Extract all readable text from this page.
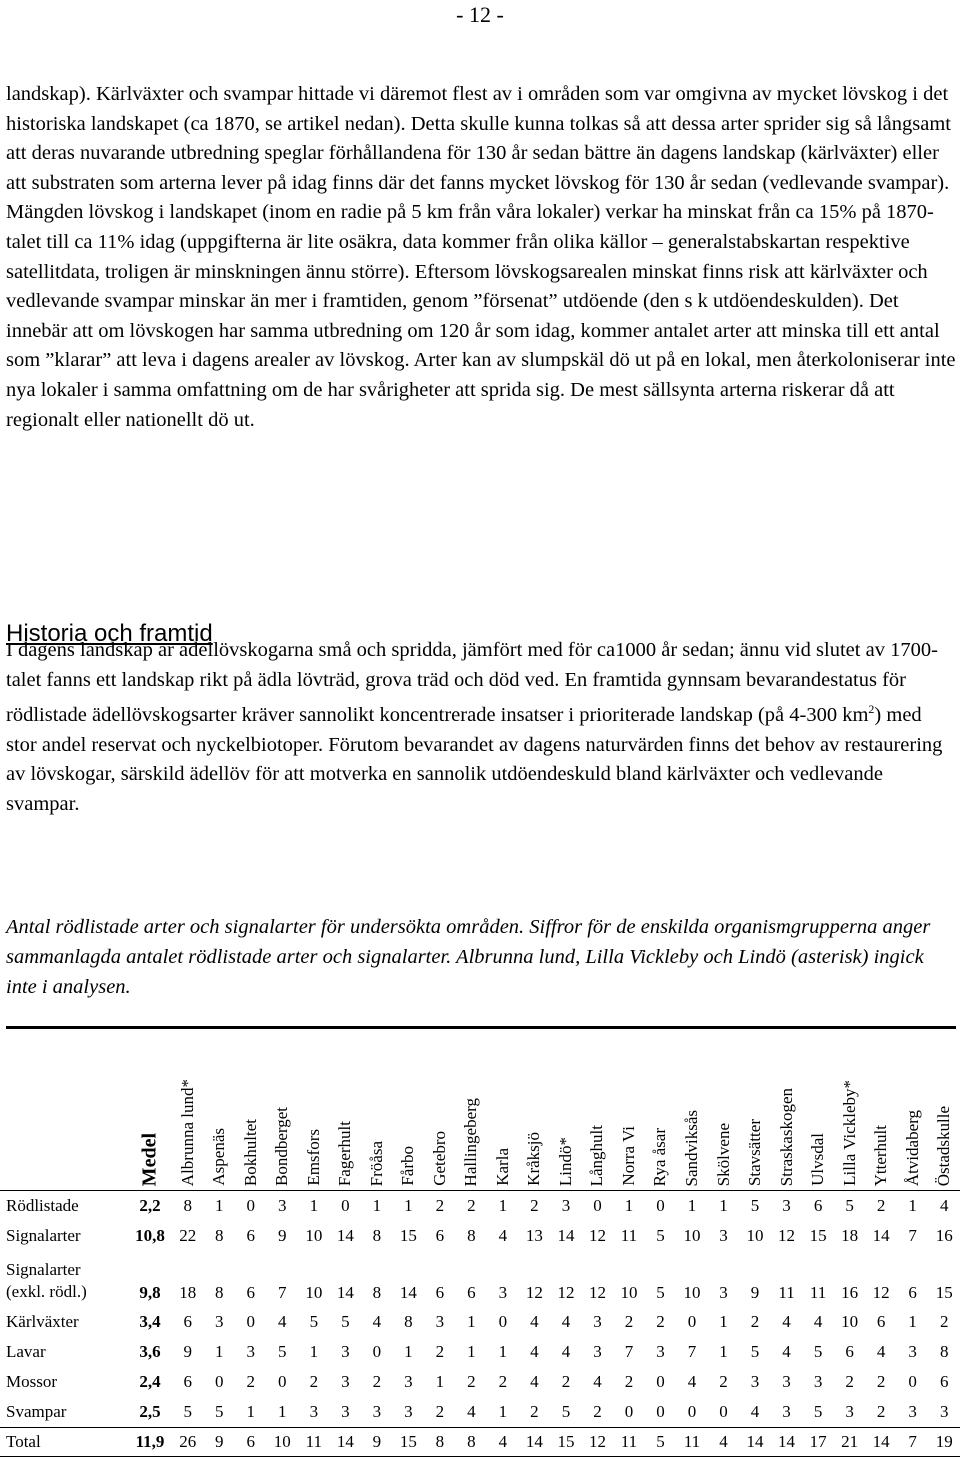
- 12 -

landskap). Kärlväxter och svampar hittade vi däremot flest av i områden som var omgivna av mycket lövskog i det historiska landskapet (ca 1870, se artikel nedan). Detta skulle kunna tolkas så att dessa arter sprider sig så långsamt att deras nuvarande utbredning speglar förhållandena för 130 år sedan bättre än dagens landskap (kärlväxter) eller att substraten som arterna lever på idag finns där det fanns mycket lövskog för 130 år sedan (vedlevande svampar). Mängden lövskog i landskapet (inom en radie på 5 km från våra lokaler) verkar ha minskat från ca 15% på 1870-talet till ca 11% idag (uppgifterna är lite osäkra, data kommer från olika källor – generalstabskartan respektive satellitdata, troligen är minskningen ännu större). Eftersom lövskogsarealen minskat finns risk att kärlväxter och vedlevande svampar minskar än mer i framtiden, genom ”försenat” utdöende (den s k utdöendeskulden). Det innebär att om lövskogen har samma utbredning om 120 år som idag, kommer antalet arter att minska till ett antal som ”klarar” att leva i dagens arealer av lövskog. Arter kan av slumpskäl dö ut på en lokal, men återkoloniserar inte nya lokaler i samma omfattning om de har svårigheter att sprida sig. De mest sällsynta arterna riskerar då att regionalt eller nationellt dö ut.

Historia och framtid

I dagens landskap är ädellövskogarna små och spridda, jämfört med för ca1000 år sedan; ännu vid slutet av 1700-talet fanns ett landskap rikt på ädla lövträd, grova träd och död ved. En framtida gynnsam bevarandestatus för rödlistade ädellövskogsarter kräver sannolikt koncentrerade insatser i prioriterade landskap (på 4-300 $km^2$) med stor andel reservat och nyckelbiotoper. Förutom bevarandet av dagens naturvärden finns det behov av restaurering av lövskogar, särskild ädellöv för att motverka en sannolik utdöendeskuld bland kärlväxter och vedlevande svampar.

Antal rödlistade arter och signalarter för undersökta områden. Siffror för de enskilda organismgrupperna anger sammanlagda antalet rödlistade arter och signalarter. Albrunna lund, Lilla Vickleby och Lindö (asterisk) ingick inte i analysen.

	Medel	Albrunna lund*	Aspenäs	Bokhultet	Bondberget	Emsfors	Fagerhult	Fröåsa	Fårbo	Getebro	Hallingeberg	Karla	Kråksjö	Lindö*	Långhult	Norra Vi	Rya åsar	Sandviksås	Skölvene	Stavsätter	Straskaskogen	Ulvsdal	Lilla Vickleby*	Ytterhult	Åtvidaberg	Östadskulle

Rödlistade	2,2	8	1	0	3	1	0	1	1	2	2	1	2	3	0	1	0	1	1	5	3	6	5	2	1	4
Signalarter	10,8	22	8	6	9	10	14	8	15	6	8	4	13	14	12	11	5	10	3	10	12	15	18	14	7	16

Signalarter
(exkl. rödl.)	9,8	18	8	6	7	10	14	8	14	6	6	3	12	12	12	10	5	10	3	9	11	11	16	12	6	15
Kärlväxter	3,4	6	3	0	4	5	5	4	8	3	1	0	4	4	3	2	2	0	1	2	4	4	10	6	1	2
Lavar	3,6	9	1	3	5	1	3	0	1	2	1	1	4	4	3	7	3	7	1	5	4	5	6	4	3	8
Mossor	2,4	6	0	2	0	2	3	2	3	1	2	2	4	2	4	2	0	4	2	3	3	3	2	2	0	6
Svampar	2,5	5	5	1	1	3	3	3	3	2	4	1	2	5	2	0	0	0	0	4	3	5	3	2	3	3
Total	11,9	26	9	6	10	11	14	9	15	8	8	4	14	15	12	11	5	11	4	14	14	17	21	14	7	19
